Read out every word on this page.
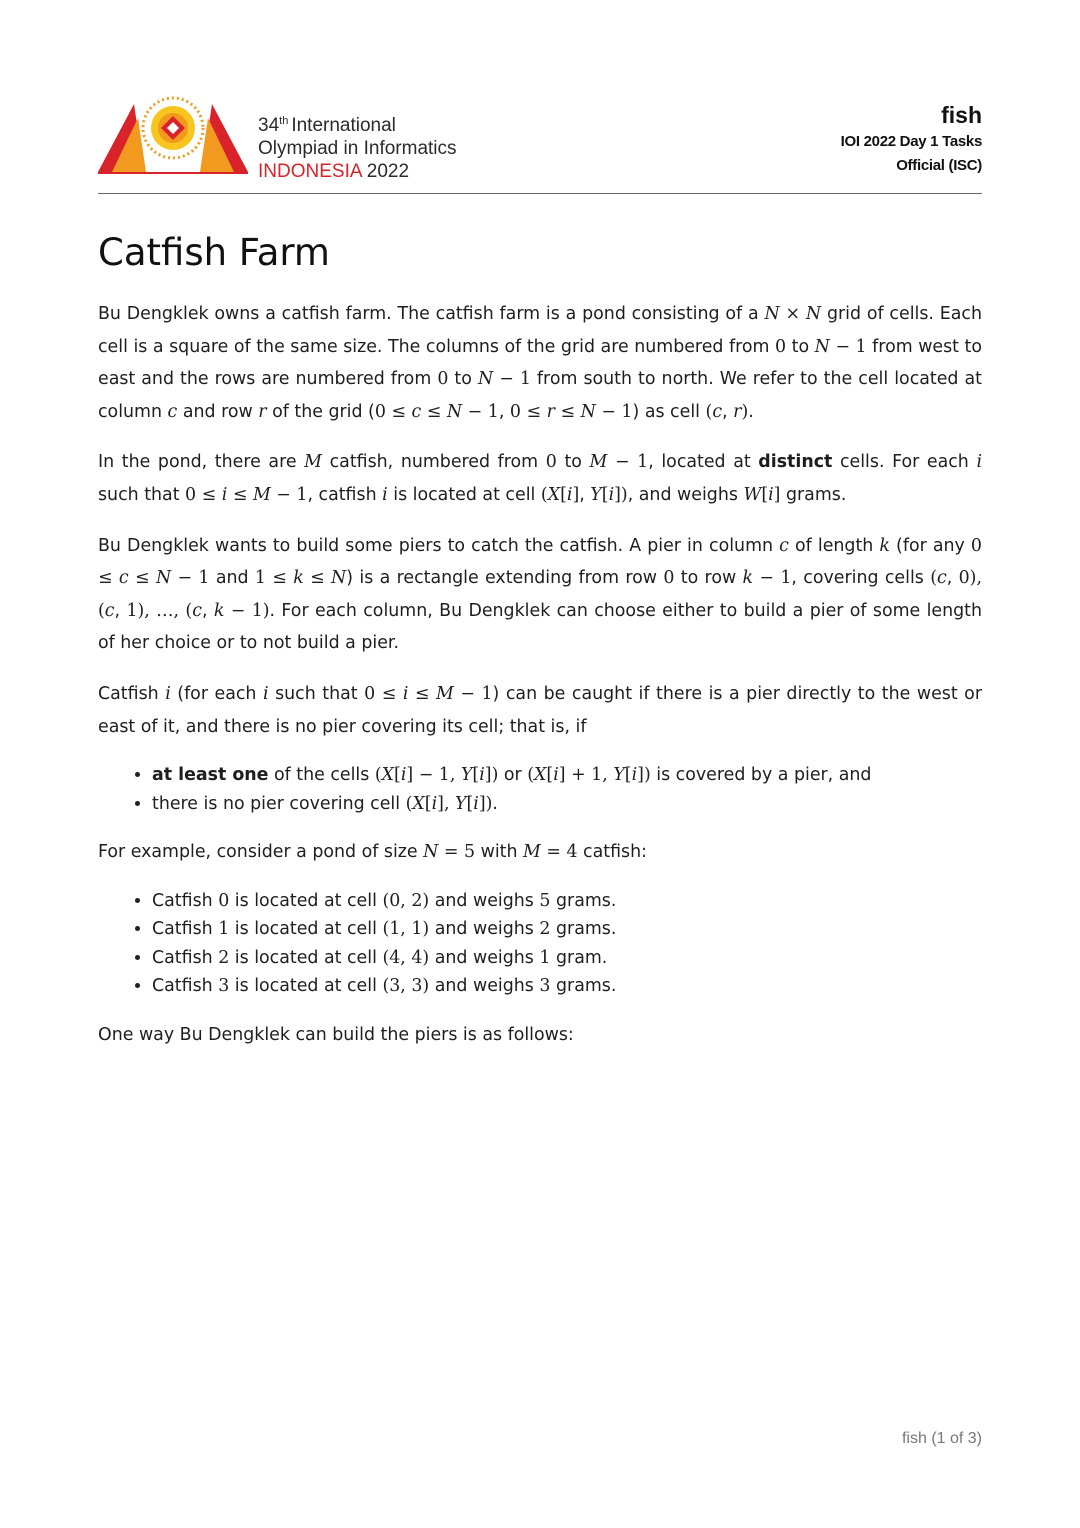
34th International
Olympiad in Informatics
INDONESIA 2022
fish
IOI 2022 Day 1 Tasks
Official (ISC)
Catfish Farm

Bu Dengklek owns a catfish farm. The catfish farm is a pond consisting of a N × N grid of cells. Each cell is a square of the same size. The columns of the grid are numbered from 0 to N − 1 from west to east and the rows are numbered from 0 to N − 1 from south to north. We refer to the cell located at column c and row r of the grid (0 ≤ c ≤ N − 1, 0 ≤ r ≤ N − 1) as cell (c, r).

In the pond, there are M catfish, numbered from 0 to M − 1, located at distinct cells. For each i such that 0 ≤ i ≤ M − 1, catfish i is located at cell (X[i], Y[i]), and weighs W[i] grams.

Bu Dengklek wants to build some piers to catch the catfish. A pier in column c of length k (for any 0 ≤ c ≤ N − 1 and 1 ≤ k ≤ N) is a rectangle extending from row 0 to row k − 1, covering cells (c, 0), (c, 1), …, (c, k − 1). For each column, Bu Dengklek can choose either to build a pier of some length of her choice or to not build a pier.

Catfish i (for each i such that 0 ≤ i ≤ M − 1) can be caught if there is a pier directly to the west or east of it, and there is no pier covering its cell; that is, if

• at least one of the cells (X[i] − 1, Y[i]) or (X[i] + 1, Y[i]) is covered by a pier, and
• there is no pier covering cell (X[i], Y[i]).

For example, consider a pond of size N = 5 with M = 4 catfish:

• Catfish 0 is located at cell (0, 2) and weighs 5 grams.
• Catfish 1 is located at cell (1, 1) and weighs 2 grams.
• Catfish 2 is located at cell (4, 4) and weighs 1 gram.
• Catfish 3 is located at cell (3, 3) and weighs 3 grams.

One way Bu Dengklek can build the piers is as follows:

fish (1 of 3)
